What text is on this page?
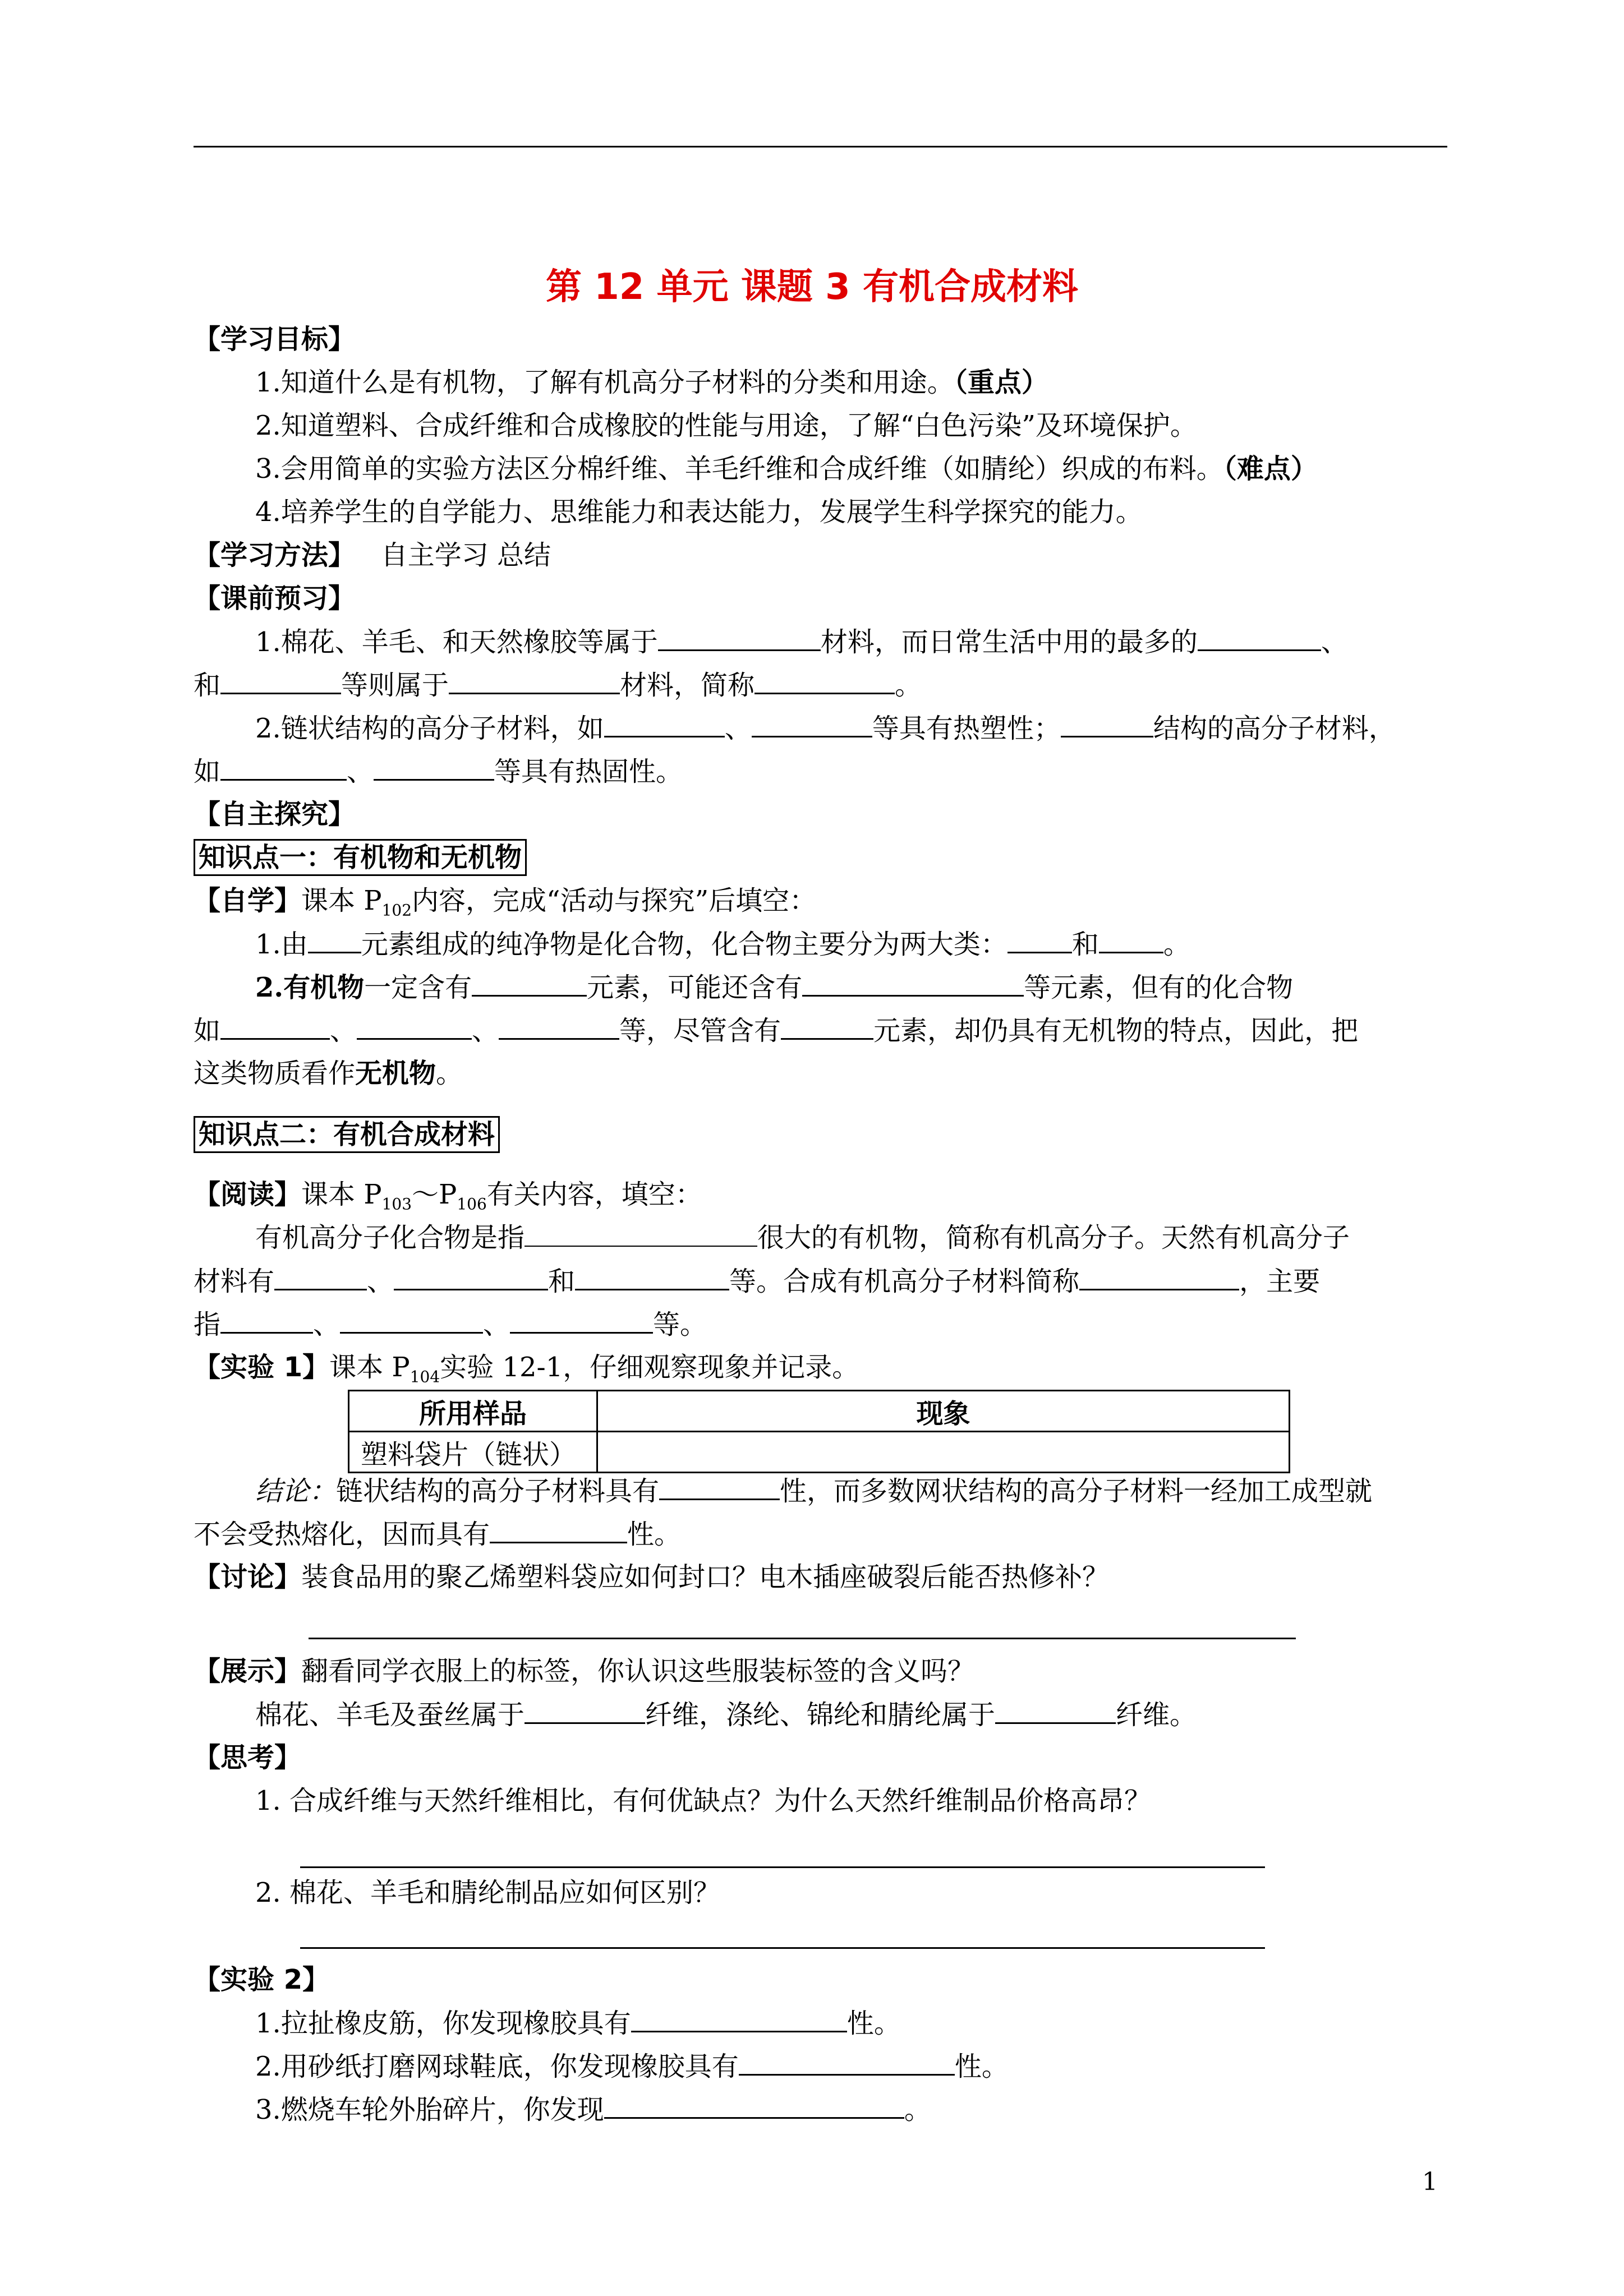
第 12 单元 课题 3 有机合成材料
【学习目标】
1.知道什么是有机物，了解有机高分子材料的分类和用途。（重点）
2.知道塑料、合成纤维和合成橡胶的性能与用途，了解“白色污染”及环境保护。
3.会用简单的实验方法区分棉纤维、羊毛纤维和合成纤维（如腈纶）织成的布料。（难点）
4.培养学生的自学能力、思维能力和表达能力，发展学生科学探究的能力。
【学习方法】 自主学习 总结
【课前预习】
1.棉花、羊毛、和天然橡胶等属于	材料，而日常生活中用的最多的	、
和	等则属于	材料，简称	。
2.链状结构的高分子材料，如	、	等具有热塑性；	结构的高分子材料，
如	、	等具有热固性。
【自主探究】
知识点一：有机物和无机物
【自学】课本 $P_{102}$内容，完成“活动与探究”后填空：
1.由 元素组成的纯净物是化合物，化合物主要分为两大类： 和 。
2.有机物一定含有	元素，可能还含有	等元素，但有的化合物
如	、	、	等，尽管含有	元素，却仍具有无机物的特点，因此，把
这类物质看作无机物。
知识点二：有机合成材料
【阅读】课本 $P_{103}\sim P_{106}$有关内容，填空：
有机高分子化合物是指	很大的有机物，简称有机高分子。天然有机高分子
材料有	、	和	等。合成有机高分子材料简称	，主要
指	、	、	等。
【实验 1】课本 $P_{104}$实验 12-1，仔细观察现象并记录。
所用样品	现象
塑料袋片（链状）	
结论：链状结构的高分子材料具有	性，而多数网状结构的高分子材料一经加工成型就
不会受热熔化，因而具有	性。
【讨论】装食品用的聚乙烯塑料袋应如何封口？电木插座破裂后能否热修补？
【展示】翻看同学衣服上的标签，你认识这些服装标签的含义吗？
棉花、羊毛及蚕丝属于	纤维，涤纶、锦纶和腈纶属于	纤维。
【思考】
1. 合成纤维与天然纤维相比，有何优缺点？为什么天然纤维制品价格高昂？
2. 棉花、羊毛和腈纶制品应如何区别？
【实验 2】
1.拉扯橡皮筋，你发现橡胶具有	性。
2.用砂纸打磨网球鞋底，你发现橡胶具有	性。
3.燃烧车轮外胎碎片，你发现	。
1
